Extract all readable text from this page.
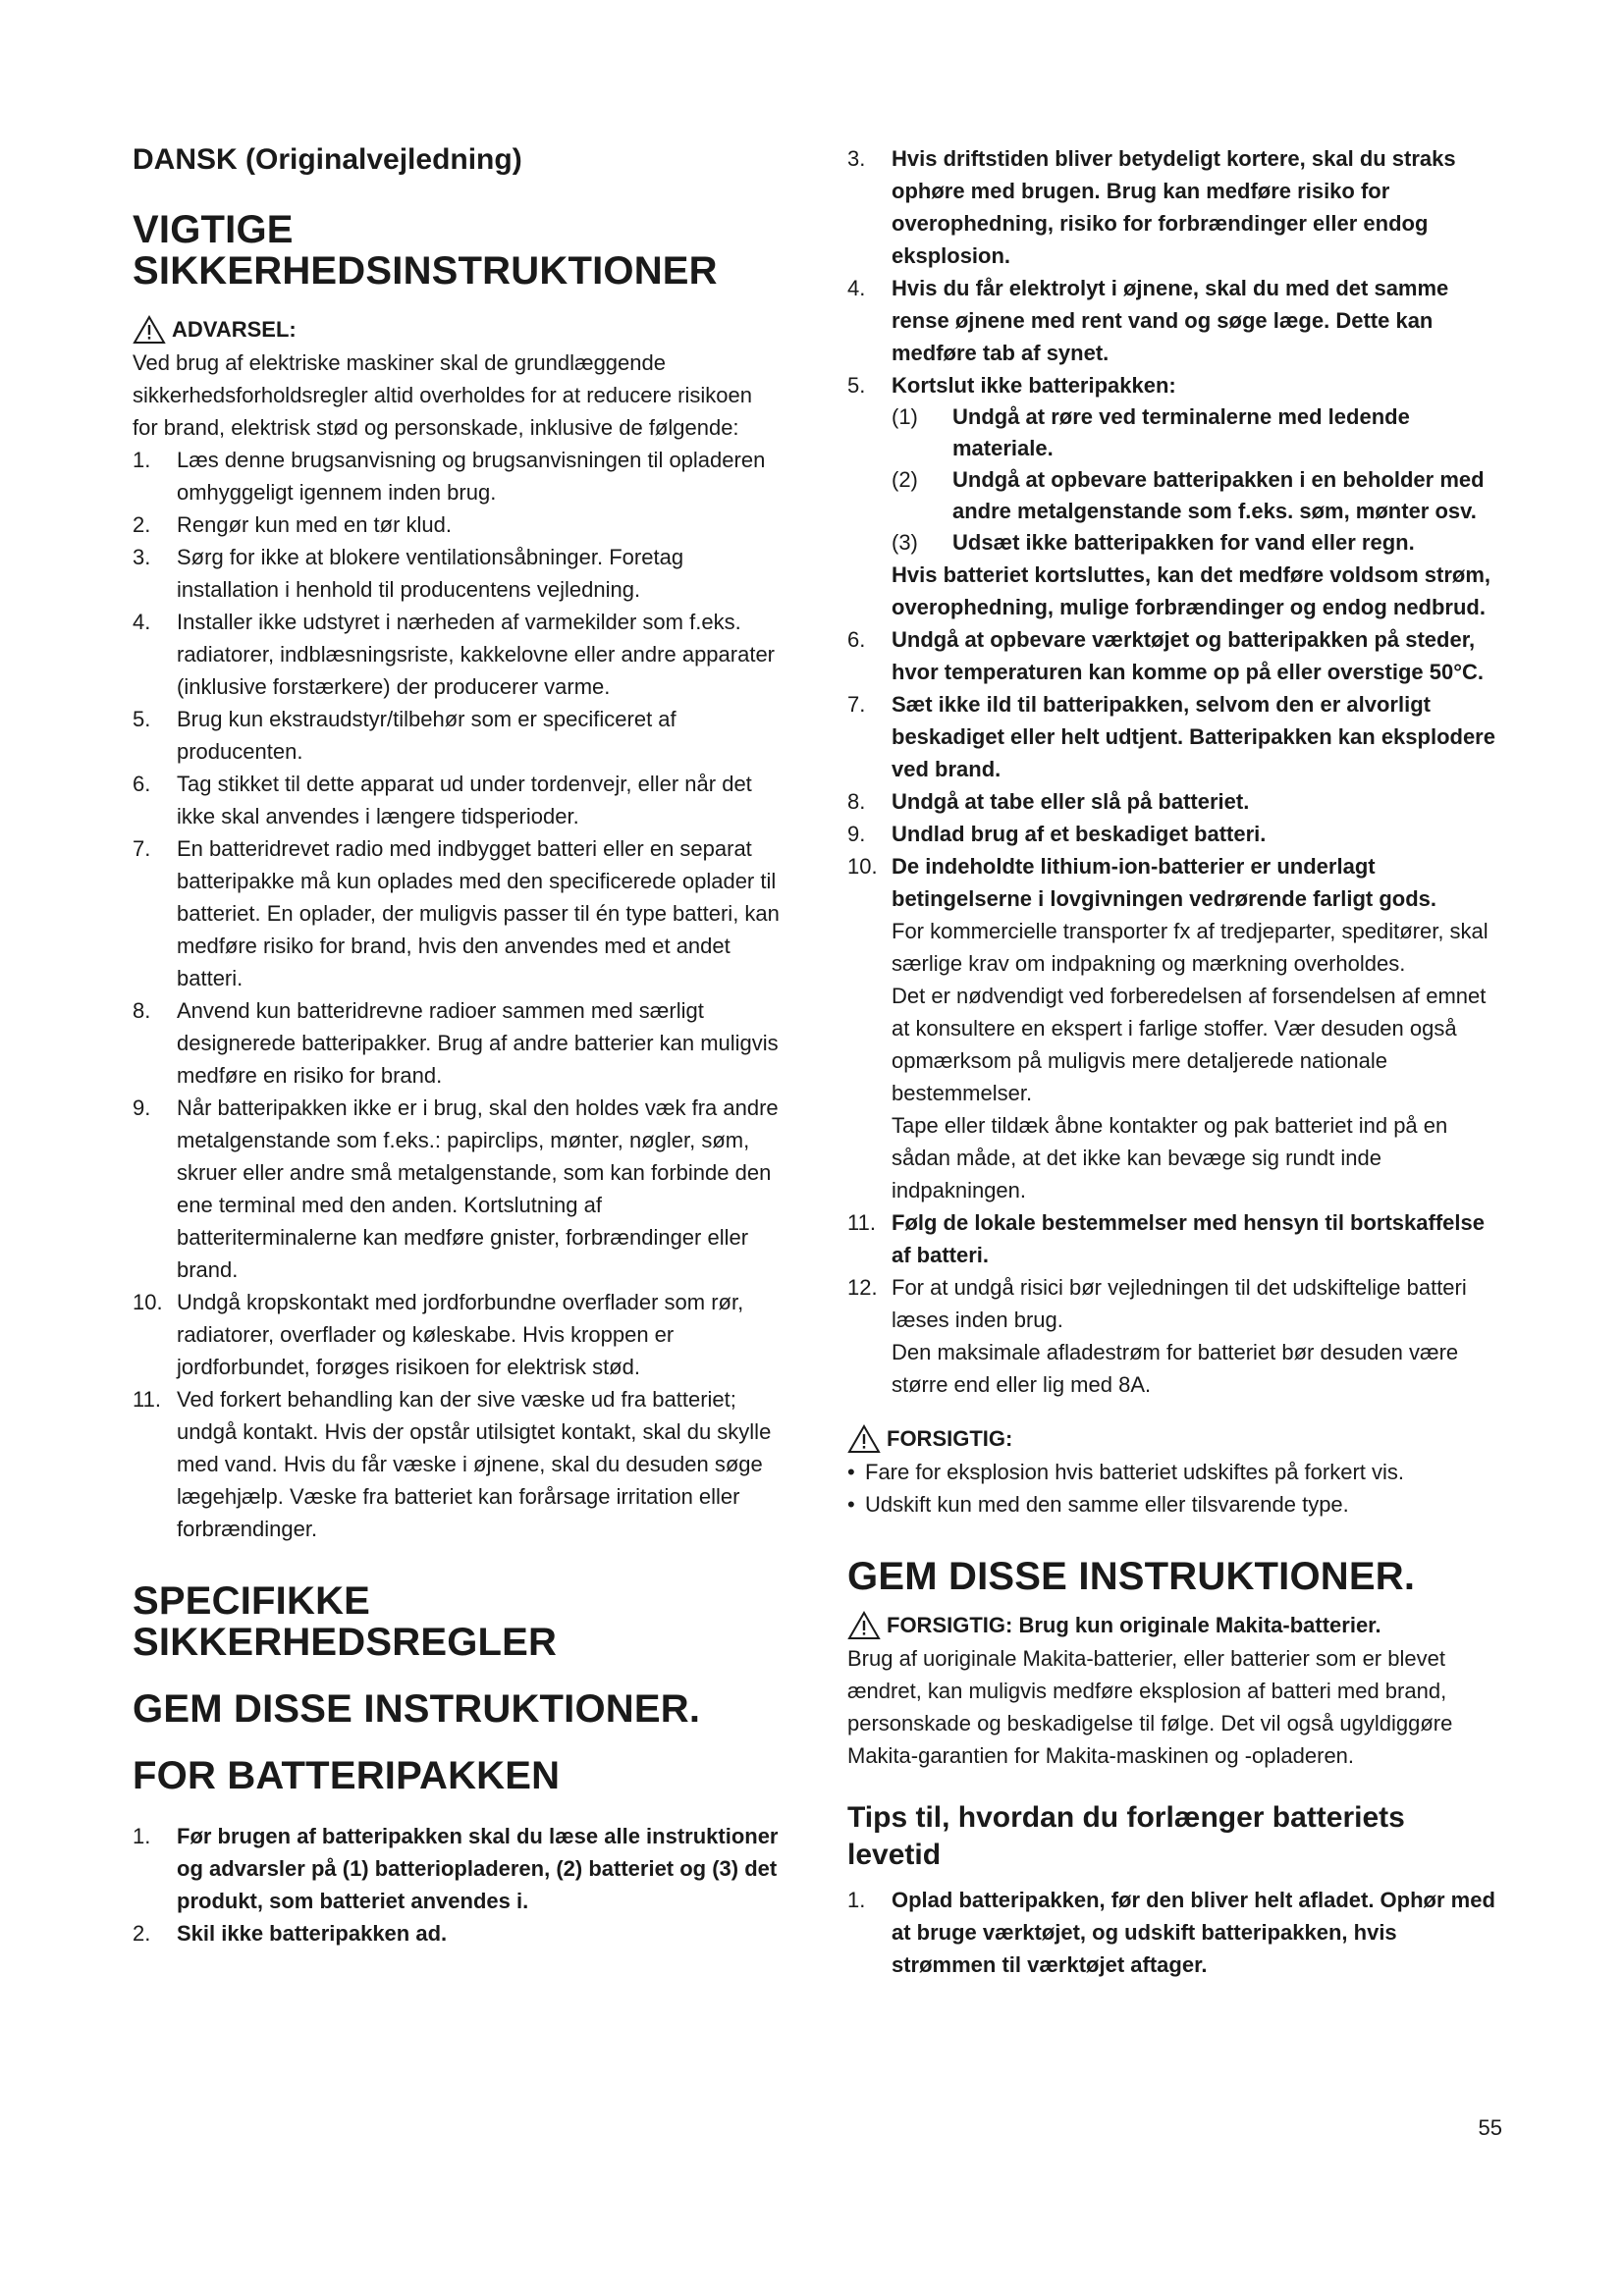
DANSK (Originalvejledning)
VIGTIGE SIKKERHEDSINSTRUKTIONER
ADVARSEL:

Ved brug af elektriske maskiner skal de grundlæggende sikkerhedsforholdsregler altid overholdes for at reducere risikoen for brand, elektrisk stød og personskade, inklusive de følgende:

1. Læs denne brugsanvisning og brugsanvisningen til opladeren omhyggeligt igennem inden brug.
2. Rengør kun med en tør klud.
3. Sørg for ikke at blokere ventilationsåbninger. Foretag installation i henhold til producentens vejledning.
4. Installer ikke udstyret i nærheden af varmekilder som f.eks. radiatorer, indblæsningsriste, kakkelovne eller andre apparater (inklusive forstærkere) der producerer varme.
5. Brug kun ekstraudstyr/tilbehør som er specificeret af producenten.
6. Tag stikket til dette apparat ud under tordenvejr, eller når det ikke skal anvendes i længere tidsperioder.
7. En batteridrevet radio med indbygget batteri eller en separat batteripakke må kun oplades med den specificerede oplader til batteriet. En oplader, der muligvis passer til én type batteri, kan medføre risiko for brand, hvis den anvendes med et andet batteri.
8. Anvend kun batteridrevne radioer sammen med særligt designerede batteripakker. Brug af andre batterier kan muligvis medføre en risiko for brand.
9. Når batteripakken ikke er i brug, skal den holdes væk fra andre metalgenstande som f.eks.: papirclips, mønter, nøgler, søm, skruer eller andre små metalgenstande, som kan forbinde den ene terminal med den anden. Kortslutning af batteriterminalerne kan medføre gnister, forbrændinger eller brand.
10. Undgå kropskontakt med jordforbundne overflader som rør, radiatorer, overflader og køleskabe. Hvis kroppen er jordforbundet, forøges risikoen for elektrisk stød.
11. Ved forkert behandling kan der sive væske ud fra batteriet; undgå kontakt. Hvis der opstår utilsigtet kontakt, skal du skylle med vand. Hvis du får væske i øjnene, skal du desuden søge lægehjælp. Væske fra batteriet kan forårsage irritation eller forbrændinger.
SPECIFIKKE SIKKERHEDSREGLER
GEM DISSE INSTRUKTIONER.
FOR BATTERIPAKKEN
1. Før brugen af batteripakken skal du læse alle instruktioner og advarsler på (1) batteriopladeren, (2) batteriet og (3) det produkt, som batteriet anvendes i.
2. Skil ikke batteripakken ad.
3. Hvis driftstiden bliver betydeligt kortere, skal du straks ophøre med brugen. Brug kan medføre risiko for overophedning, risiko for forbrændinger eller endog eksplosion.
4. Hvis du får elektrolyt i øjnene, skal du med det samme rense øjnene med rent vand og søge læge. Dette kan medføre tab af synet.
5. Kortslut ikke batteripakken:
(1) Undgå at røre ved terminalerne med ledende materiale.
(2) Undgå at opbevare batteripakken i en beholder med andre metalgenstande som f.eks. søm, mønter osv.
(3) Udsæt ikke batteripakken for vand eller regn.
Hvis batteriet kortsluttes, kan det medføre voldsom strøm, overophedning, mulige forbrændinger og endog nedbrud.
6. Undgå at opbevare værktøjet og batteripakken på steder, hvor temperaturen kan komme op på eller overstige 50°C.
7. Sæt ikke ild til batteripakken, selvom den er alvorligt beskadiget eller helt udtjent. Batteripakken kan eksplodere ved brand.
8. Undgå at tabe eller slå på batteriet.
9. Undlad brug af et beskadiget batteri.
10. De indeholdte lithium-ion-batterier er underlagt betingelserne i lovgivningen vedrørende farligt gods.
For kommercielle transporter fx af tredjeparter, speditører, skal særlige krav om indpakning og mærkning overholdes.
Det er nødvendigt ved forberedelsen af forsendelsen af emnet at konsultere en ekspert i farlige stoffer. Vær desuden også opmærksom på muligvis mere detaljerede nationale bestemmelser.
Tape eller tildæk åbne kontakter og pak batteriet ind på en sådan måde, at det ikke kan bevæge sig rundt inde indpakningen.
11. Følg de lokale bestemmelser med hensyn til bortskaffelse af batteri.
12. For at undgå risici bør vejledningen til det udskiftelige batteri læses inden brug.
Den maksimale afladestrøm for batteriet bør desuden være større end eller lig med 8A.
FORSIGTIG:
• Fare for eksplosion hvis batteriet udskiftes på forkert vis.
• Udskift kun med den samme eller tilsvarende type.
GEM DISSE INSTRUKTIONER.
FORSIGTIG:
Brug kun originale Makita-batterier.

Brug af uoriginale Makita-batterier, eller batterier som er blevet ændret, kan muligvis medføre eksplosion af batteri med brand, personskade og beskadigelse til følge. Det vil også ugyldiggøre Makita-garantien for Makita-maskinen og -opladeren.

Tips til, hvordan du forlænger batteriets levetid
1. Oplad batteripakken, før den bliver helt afladet. Ophør med at bruge værktøjet, og udskift batteripakken, hvis strømmen til værktøjet aftager.
55
